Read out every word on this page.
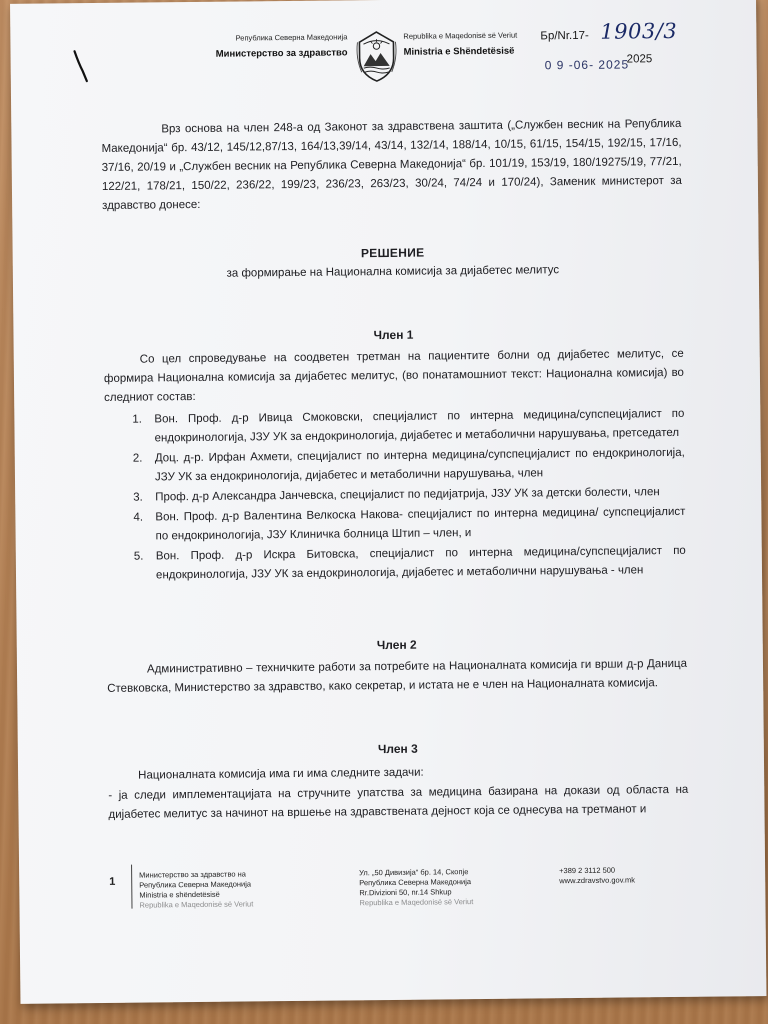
Република Северна Македонија
Министерство за здравство
Republika e Maqedonisë së Veriut
Ministria e Shëndetësisë
Бр/Nr.17- 1903/3
0 9 -06- 2025
2025
Врз основа на член 248-а од Законот за здравствена заштита („Службен весник на Република Македонија“ бр. 43/12, 145/12,87/13, 164/13,39/14, 43/14, 132/14, 188/14, 10/15, 61/15, 154/15, 192/15, 17/16, 37/16, 20/19 и „Службен весник на Република Северна Македонија“ бр. 101/19, 153/19, 180/19275/19, 77/21, 122/21, 178/21, 150/22, 236/22, 199/23, 236/23, 263/23, 30/24, 74/24 и 170/24), Заменик министерот за здравство донесе:
РЕШЕНИЕ
за формирање на Национална комисија за дијабетес мелитус
Член 1
Со цел спроведување на соодветен третман на пациентите болни од дијабетес мелитус, се формира Национална комисија за дијабетес мелитус, (во понатамошниот текст: Национална комисија) во следниот состав:
1. Вон. Проф. д-р Ивица Смоковски, специјалист по интерна медицина/супспецијалист по ендокринологија, ЈЗУ УК за ендокринологија, дијабетес и метаболични нарушувања, претседател
2. Доц. д-р. Ирфан Ахмети, специјалист по интерна медицина/супспецијалист по ендокринологија, ЈЗУ УК за ендокринологија, дијабетес и метаболични нарушувања, член
3. Проф. д-р Александра Јанчевска, специјалист по педијатрија, ЈЗУ УК за детски болести, член
4. Вон. Проф. д-р Валентина Велкоска Накова- специјалист по интерна медицина/ супспецијалист по ендокринологија, ЈЗУ Клиничка болница Штип – член, и
5. Вон. Проф. д-р Искра Битовска, специјалист по интерна медицина/супспецијалист по ендокринологија, ЈЗУ УК за ендокринологија, дијабетес и метаболични нарушувања - член
Член 2
Административно – техничките работи за потребите на Националната комисија ги врши д-р Даница Стевковска, Министерство за здравство, како секретар, и истата не е член на Националната комисија.
Член 3
Националната комисија има ги има следните задачи:
- ја следи имплементацијата на стручните упатства за медицина базирана на докази од областа на дијабетес мелитус за начинот на вршење на здравствената дејност која се однесува на третманот и
1
Министерство за здравство на
Република Северна Македонија
Ministria e shëndetësisë
Republika e Maqedonisë së Veriut
Ул. „50 Дивизија“ бр. 14, Скопје
Република Северна Македонија
Rr.Divizioni 50, nr.14 Shkup
Republika e Maqedonisë së Veriut
+389 2 3112 500
www.zdravstvo.gov.mk
